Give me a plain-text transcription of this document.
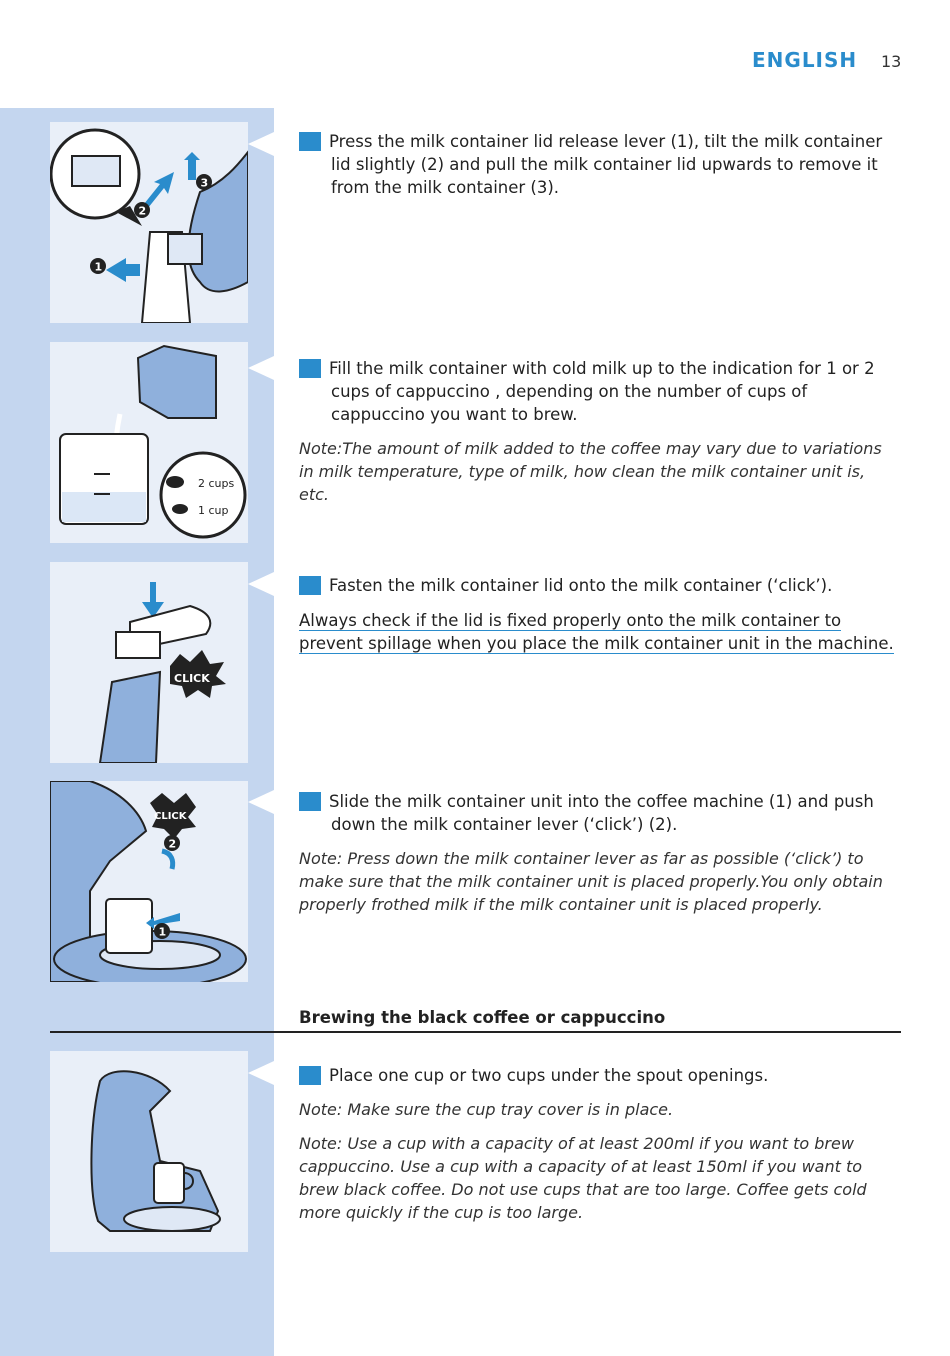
ENGLISH 13
1
2
3
2 cups
1 cup
CLICK
CLICK
1
2
3 Press the milk container lid release lever (1), tilt the milk container lid slightly (2) and pull the milk container lid upwards to remove it from the milk container (3).
4 Fill the milk container with cold milk up to the indication for 1 or 2 cups of cappuccino , depending on the number of cups of cappuccino you want to brew.
Note:The amount of milk added to the coffee may vary due to variations in milk temperature, type of milk, how clean the milk container unit is, etc.
5 Fasten the milk container lid onto the milk container (‘click’).
Always check if the lid is fixed properly onto the milk container to prevent spillage when you place the milk container unit in the machine.
6 Slide the milk container unit into the coffee machine (1) and push down the milk container lever (‘click’) (2).
Note: Press down the milk container lever as far as possible (‘click’) to make sure that the milk container unit is placed properly.You only obtain properly frothed milk if the milk container unit is placed properly.
Brewing the black coffee or cappuccino
1 Place one cup or two cups under the spout openings.
Note: Make sure the cup tray cover is in place.
Note: Use a cup with a capacity of at least 200ml if you want to brew cappuccino. Use a cup with a capacity of at least 150ml if you want to brew black coffee. Do not use cups that are too large. Coffee gets cold more quickly if the cup is too large.
